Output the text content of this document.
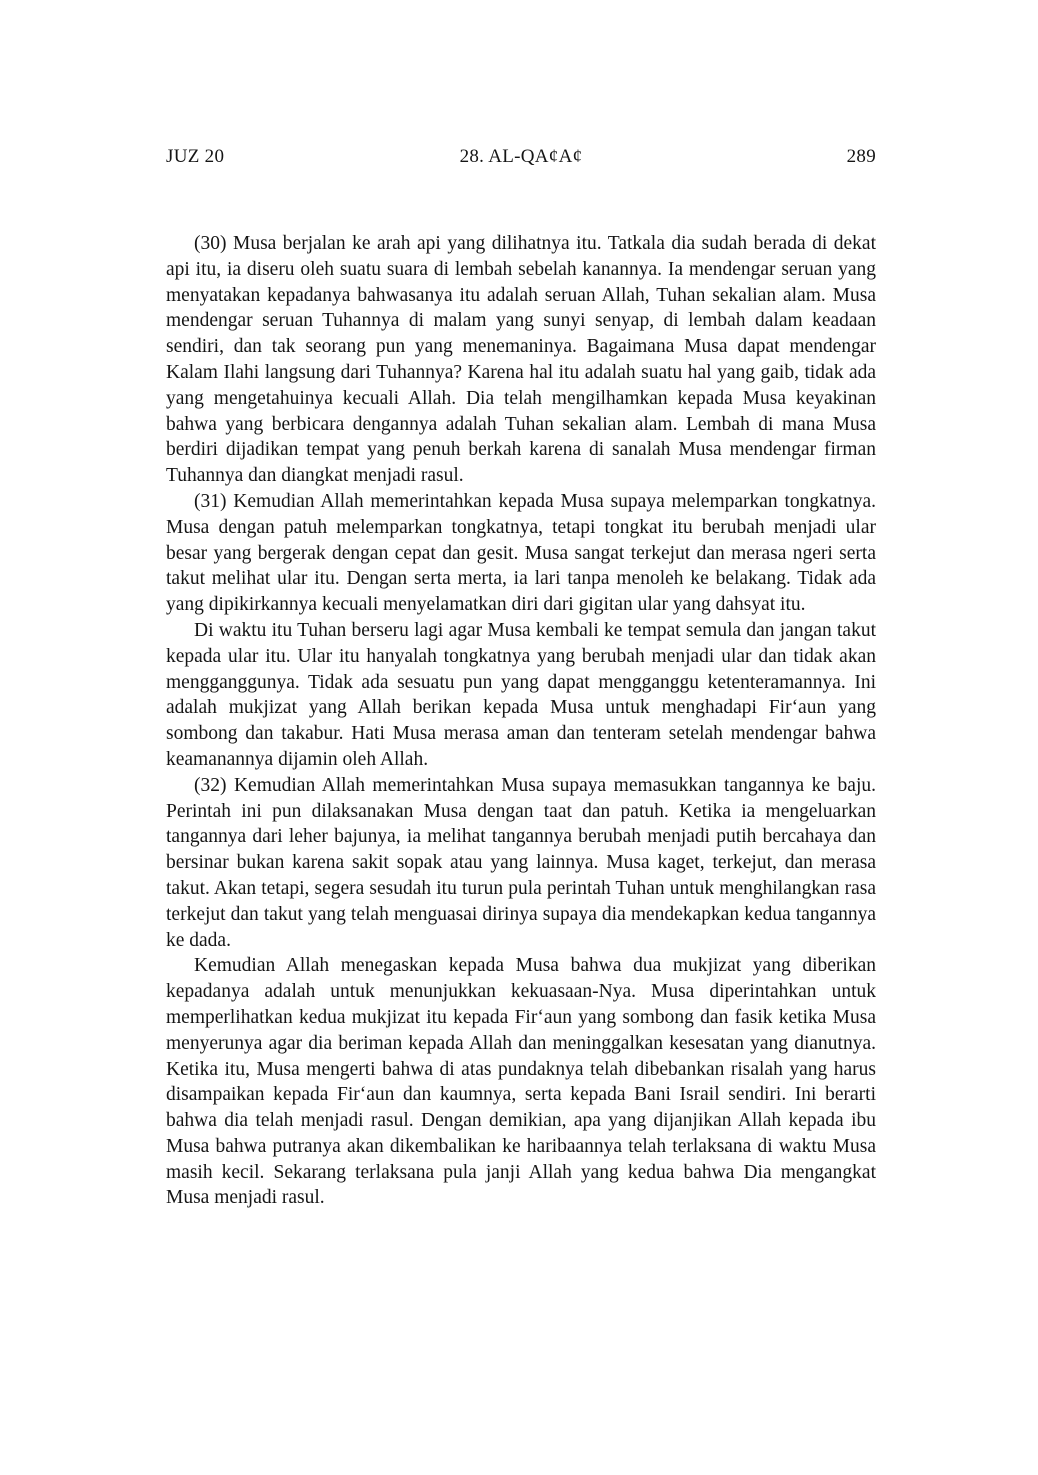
JUZ 20	28. AL-QA¢A¢	289

(30) Musa berjalan ke arah api yang dilihatnya itu. Tatkala dia sudah berada di dekat api itu, ia diseru oleh suatu suara di lembah sebelah kanannya. Ia mendengar seruan yang menyatakan kepadanya bahwasanya itu adalah seruan Allah, Tuhan sekalian alam. Musa mendengar seruan Tuhannya di malam yang sunyi senyap, di lembah dalam keadaan sendiri, dan tak seorang pun yang menemaninya. Bagaimana Musa dapat mendengar Kalam Ilahi langsung dari Tuhannya? Karena hal itu adalah suatu hal yang gaib, tidak ada yang mengetahuinya kecuali Allah. Dia telah mengilhamkan kepada Musa keyakinan bahwa yang berbicara dengannya adalah Tuhan sekalian alam. Lembah di mana Musa berdiri dijadikan tempat yang penuh berkah karena di sanalah Musa mendengar firman Tuhannya dan diangkat menjadi rasul.

(31) Kemudian Allah memerintahkan kepada Musa supaya melemparkan tongkatnya. Musa dengan patuh melemparkan tongkatnya, tetapi tongkat itu berubah menjadi ular besar yang bergerak dengan cepat dan gesit. Musa sangat terkejut dan merasa ngeri serta takut melihat ular itu. Dengan serta merta, ia lari tanpa menoleh ke belakang. Tidak ada yang dipikirkannya kecuali menyelamatkan diri dari gigitan ular yang dahsyat itu.

Di waktu itu Tuhan berseru lagi agar Musa kembali ke tempat semula dan jangan takut kepada ular itu. Ular itu hanyalah tongkatnya yang berubah menjadi ular dan tidak akan mengganggunya. Tidak ada sesuatu pun yang dapat mengganggu ketenteramannya. Ini adalah mukjizat yang Allah berikan kepada Musa untuk menghadapi Fir‘aun yang sombong dan takabur. Hati Musa merasa aman dan tenteram setelah mendengar bahwa keamanannya dijamin oleh Allah.

(32) Kemudian Allah memerintahkan Musa supaya memasukkan tangannya ke baju. Perintah ini pun dilaksanakan Musa dengan taat dan patuh. Ketika ia mengeluarkan tangannya dari leher bajunya, ia melihat tangannya berubah menjadi putih bercahaya dan bersinar bukan karena sakit sopak atau yang lainnya. Musa kaget, terkejut, dan merasa takut. Akan tetapi, segera sesudah itu turun pula perintah Tuhan untuk menghilangkan rasa terkejut dan takut yang telah menguasai dirinya supaya dia mendekapkan kedua tangannya ke dada.

Kemudian Allah menegaskan kepada Musa bahwa dua mukjizat yang diberikan kepadanya adalah untuk menunjukkan kekuasaan-Nya. Musa diperintahkan untuk memperlihatkan kedua mukjizat itu kepada Fir‘aun yang sombong dan fasik ketika Musa menyerunya agar dia beriman kepada Allah dan meninggalkan kesesatan yang dianutnya. Ketika itu, Musa mengerti bahwa di atas pundaknya telah dibebankan risalah yang harus disampaikan kepada Fir‘aun dan kaumnya, serta kepada Bani Israil sendiri. Ini berarti bahwa dia telah menjadi rasul. Dengan demikian, apa yang dijanjikan Allah kepada ibu Musa bahwa putranya akan dikembalikan ke haribaannya telah terlaksana di waktu Musa masih kecil. Sekarang terlaksana pula janji Allah yang kedua bahwa Dia mengangkat Musa menjadi rasul.
